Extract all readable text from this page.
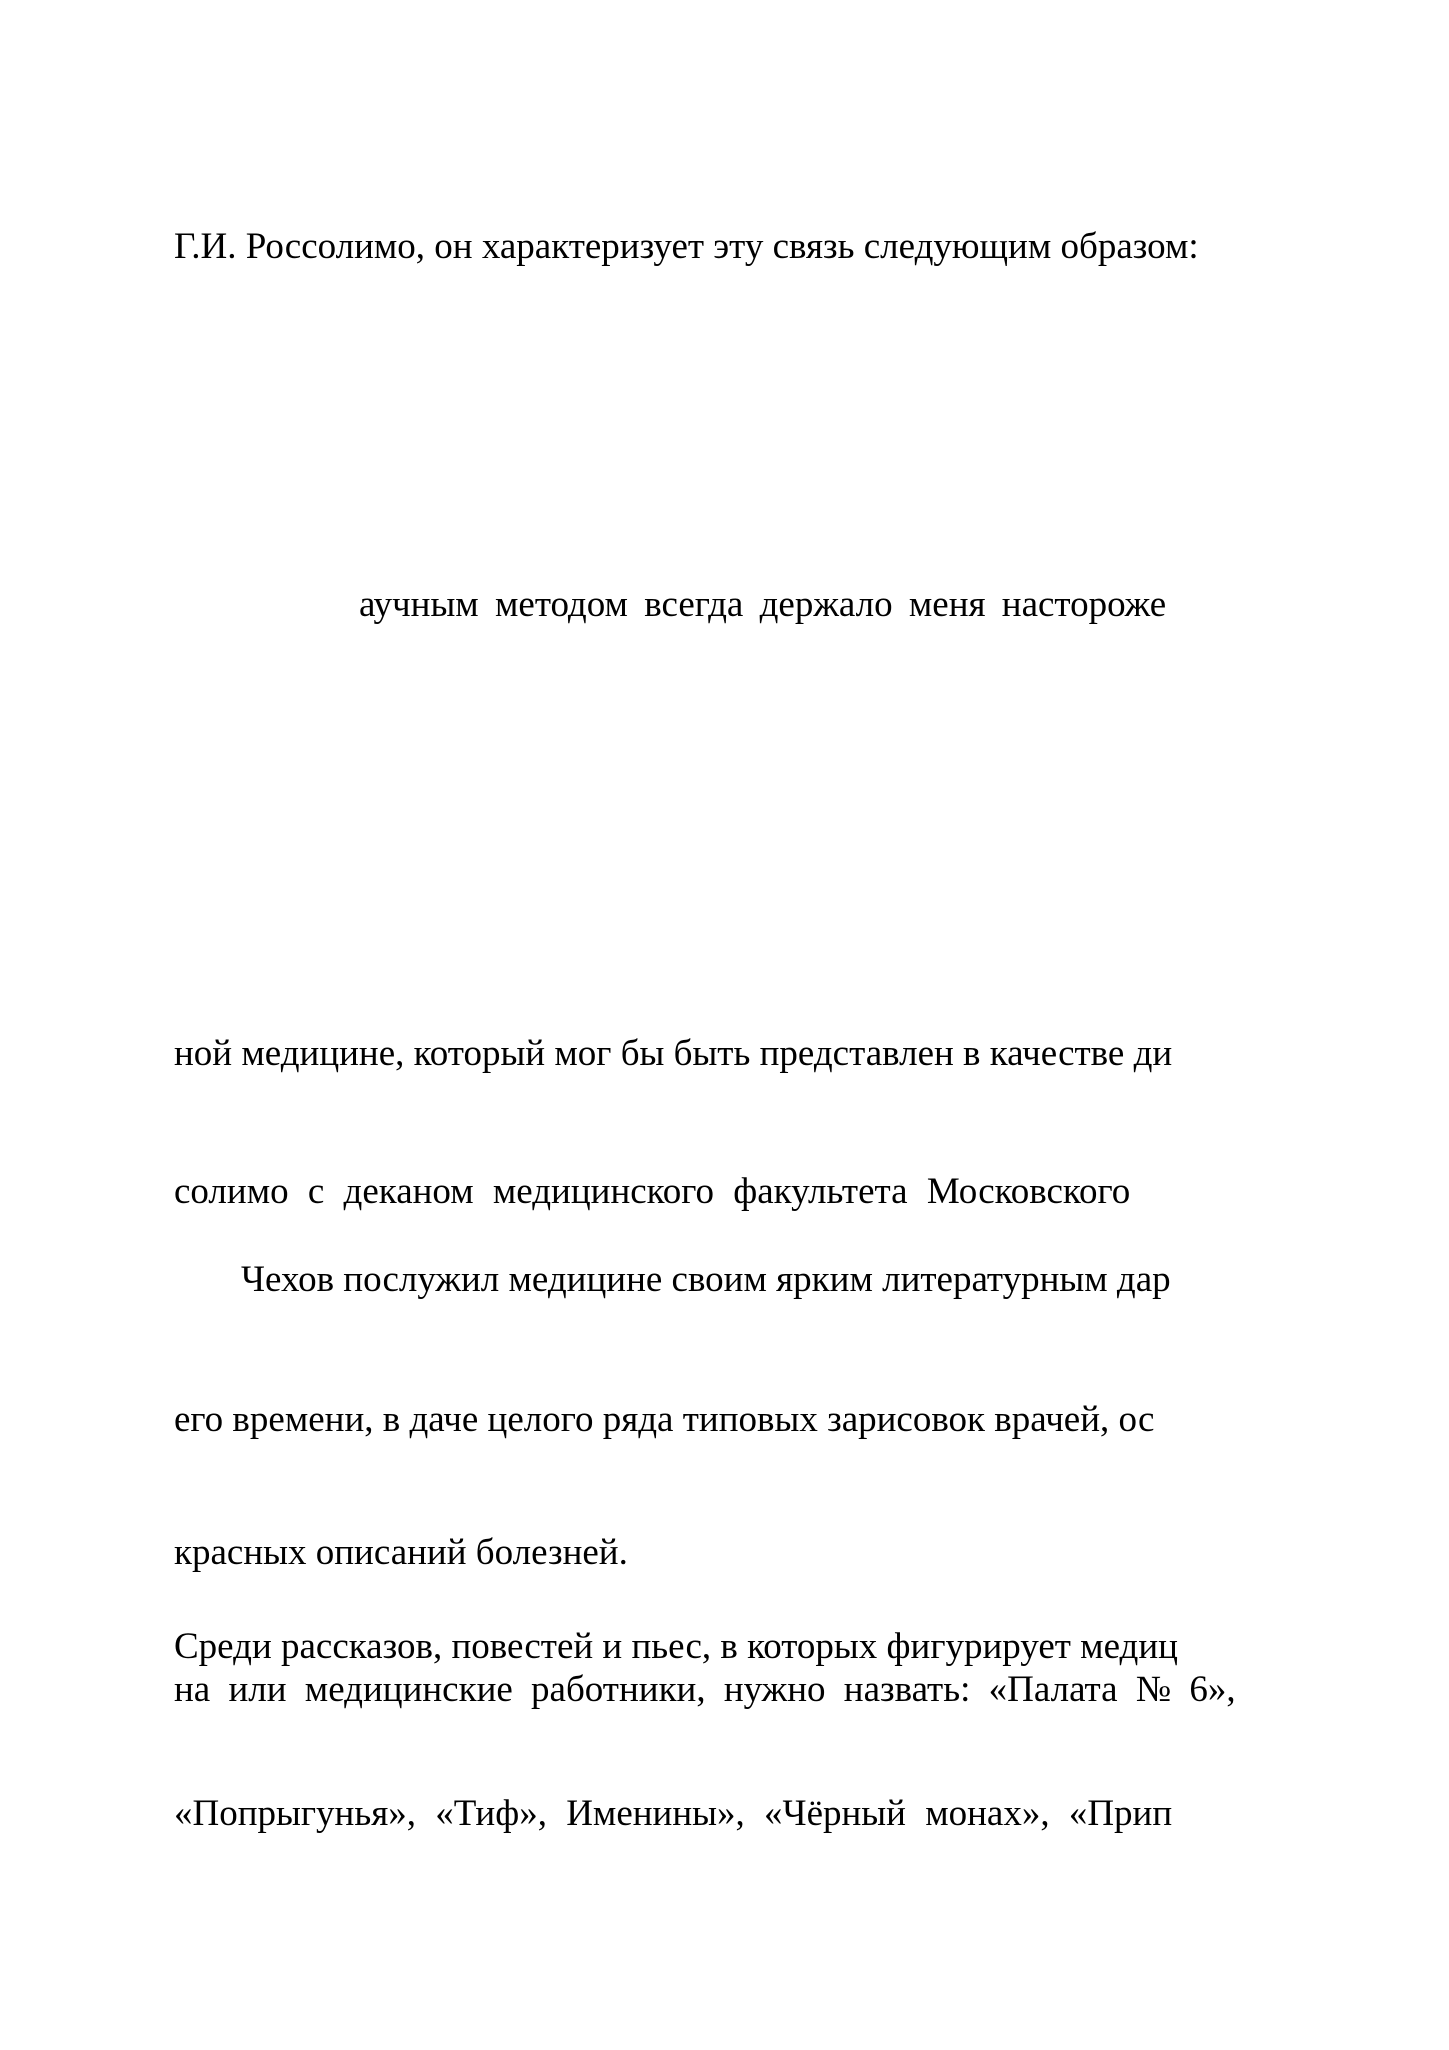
Г.И. Россолимо, он характеризует эту связь следующим образом:

аучным методом всегда держало меня настороже

ной медицине, который мог бы быть представлен в качестве ди

солимо с деканом медицинского факультета Московского

Чехов послужил медицине своим ярким литературным дар

его времени, в даче целого ряда типовых зарисовок врачей, ос

красных описаний болезней.

Среди рассказов, повестей и пьес, в которых фигурирует медиц

на или медицинские работники, нужно назвать: «Палата № 6»,

«Попрыгунья», «Тиф», Именины», «Чёрный монах», «Прип
